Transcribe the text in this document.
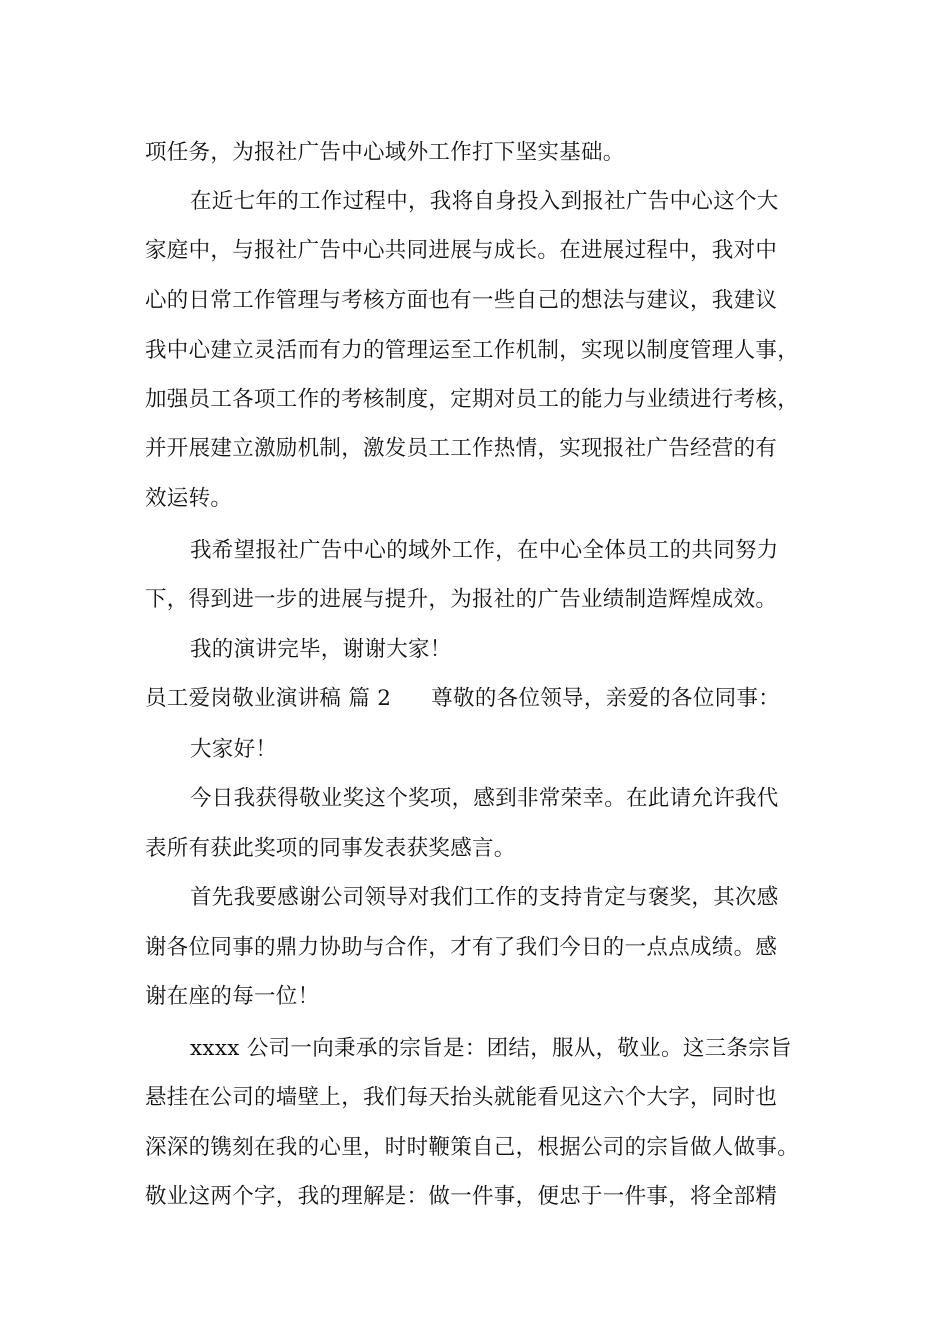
项任务，为报社广告中心域外工作打下坚实基础。
在近七年的工作过程中，我将自身投入到报社广告中心这个大
家庭中，与报社广告中心共同进展与成长。在进展过程中，我对中
心的日常工作管理与考核方面也有一些自己的想法与建议，我建议
我中心建立灵活而有力的管理运至工作机制，实现以制度管理人事，
加强员工各项工作的考核制度，定期对员工的能力与业绩进行考核，
并开展建立激励机制，激发员工工作热情，实现报社广告经营的有
效运转。
我希望报社广告中心的域外工作，在中心全体员工的共同努力
下，得到进一步的进展与提升，为报社的广告业绩制造辉煌成效。
我的演讲完毕，谢谢大家！
员工爱岗敬业演讲稿 篇 2 尊敬的各位领导，亲爱的各位同事：
大家好！
今日我获得敬业奖这个奖项，感到非常荣幸。在此请允许我代
表所有获此奖项的同事发表获奖感言。
首先我要感谢公司领导对我们工作的支持肯定与褒奖，其次感
谢各位同事的鼎力协助与合作，才有了我们今日的一点点成绩。感
谢在座的每一位！
xxxx 公司一向秉承的宗旨是：团结，服从，敬业。这三条宗旨
悬挂在公司的墙壁上，我们每天抬头就能看见这六个大字，同时也
深深的镌刻在我的心里，时时鞭策自己，根据公司的宗旨做人做事。
敬业这两个字，我的理解是：做一件事，便忠于一件事，将全部精
